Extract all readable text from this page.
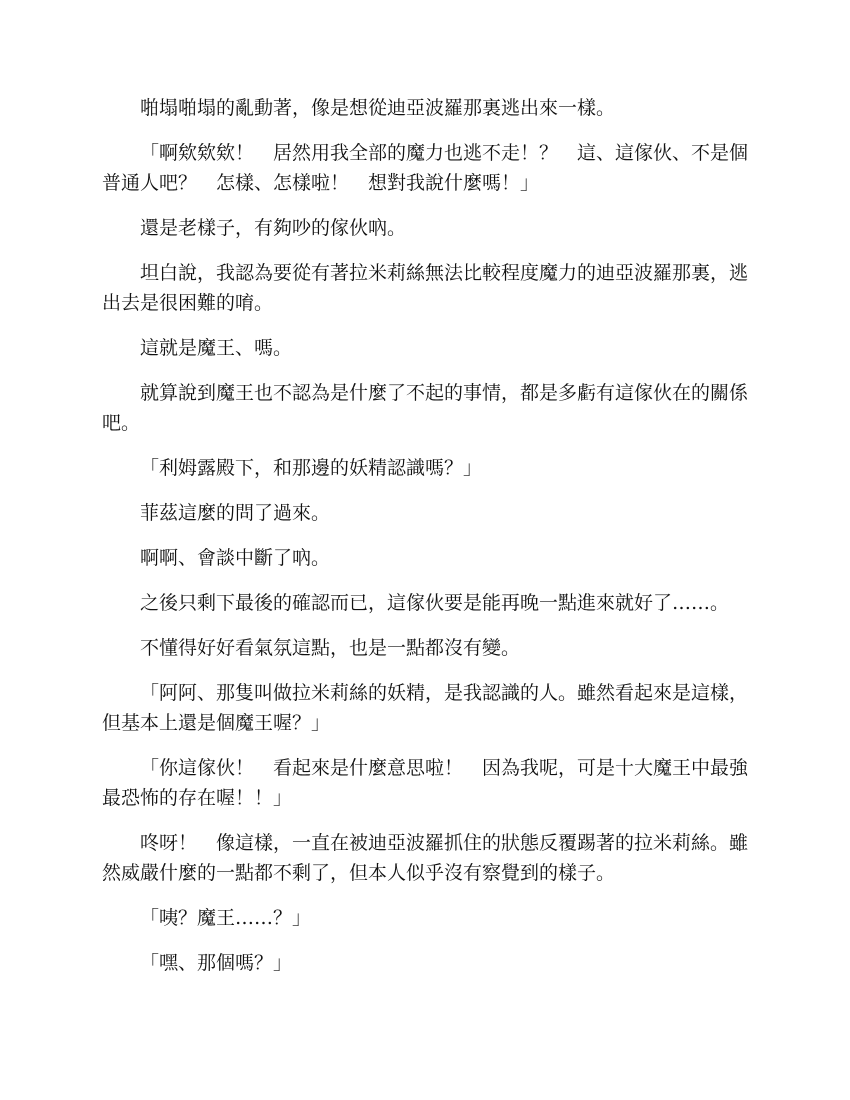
啪塌啪塌的亂動著，像是想從迪亞波羅那裏逃出來一樣。

「啊欸欸欸！　居然用我全部的魔力也逃不走！？　這、這傢伙、不是個普通人吧？　怎樣、怎樣啦！　想對我說什麼嗎！」

還是老樣子，有夠吵的傢伙吶。

坦白說，我認為要從有著拉米莉絲無法比較程度魔力的迪亞波羅那裏，逃出去是很困難的唷。

這就是魔王、嗎。

就算說到魔王也不認為是什麼了不起的事情，都是多虧有這傢伙在的關係吧。

「利姆露殿下，和那邊的妖精認識嗎？」

菲茲這麼的問了過來。

啊啊、會談中斷了吶。

之後只剩下最後的確認而已，這傢伙要是能再晚一點進來就好了……。

不懂得好好看氣氛這點，也是一點都沒有變。

「阿阿、那隻叫做拉米莉絲的妖精，是我認識的人。雖然看起來是這樣，但基本上還是個魔王喔？」

「你這傢伙！　看起來是什麼意思啦！　因為我呢，可是十大魔王中最強最恐怖的存在喔！！」

咚呀！　像這樣，一直在被迪亞波羅抓住的狀態反覆踢著的拉米莉絲。雖然威嚴什麼的一點都不剩了，但本人似乎沒有察覺到的樣子。

「咦？魔王……？」

「嘿、那個嗎？」
